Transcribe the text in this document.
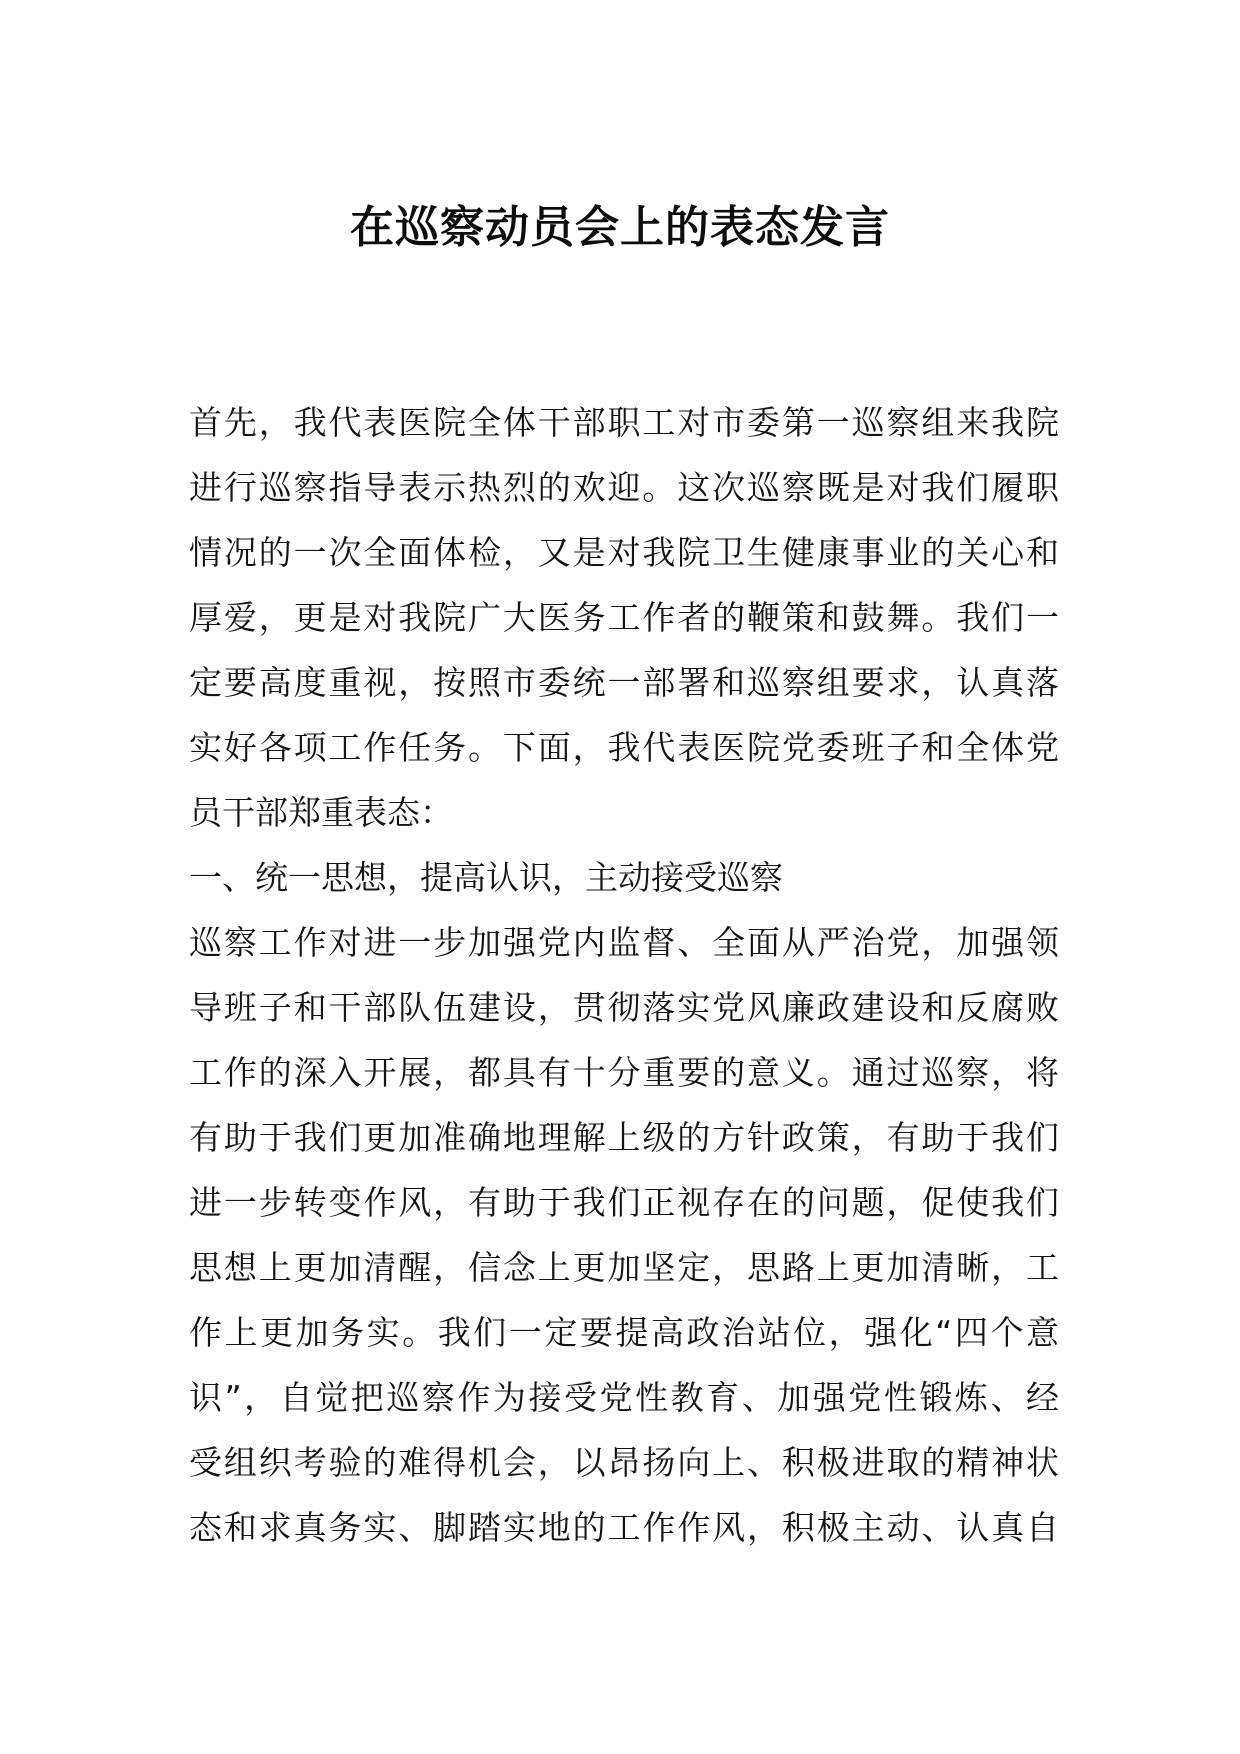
在巡察动员会上的表态发言
首先，我代表医院全体干部职工对市委第一巡察组来我院
进行巡察指导表示热烈的欢迎。这次巡察既是对我们履职
情况的一次全面体检，又是对我院卫生健康事业的关心和
厚爱，更是对我院广大医务工作者的鞭策和鼓舞。我们一
定要高度重视，按照市委统一部署和巡察组要求，认真落
实好各项工作任务。下面，我代表医院党委班子和全体党
员干部郑重表态：
一、统一思想，提高认识，主动接受巡察
巡察工作对进一步加强党内监督、全面从严治党，加强领
导班子和干部队伍建设，贯彻落实党风廉政建设和反腐败
工作的深入开展，都具有十分重要的意义。通过巡察，将
有助于我们更加准确地理解上级的方针政策，有助于我们
进一步转变作风，有助于我们正视存在的问题，促使我们
思想上更加清醒，信念上更加坚定，思路上更加清晰，工
作上更加务实。我们一定要提高政治站位，强化“四个意
识”，自觉把巡察作为接受党性教育、加强党性锻炼、经
受组织考验的难得机会，以昂扬向上、积极进取的精神状
态和求真务实、脚踏实地的工作作风，积极主动、认真自
